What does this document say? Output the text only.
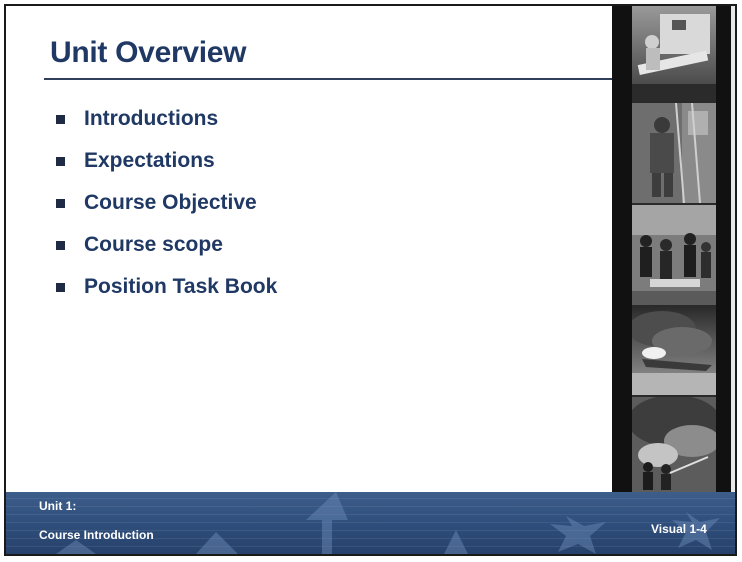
Unit Overview
Introductions
Expectations
Course Objective
Course scope
Position Task Book
Unit 1:
Course Introduction	Visual 1-4
